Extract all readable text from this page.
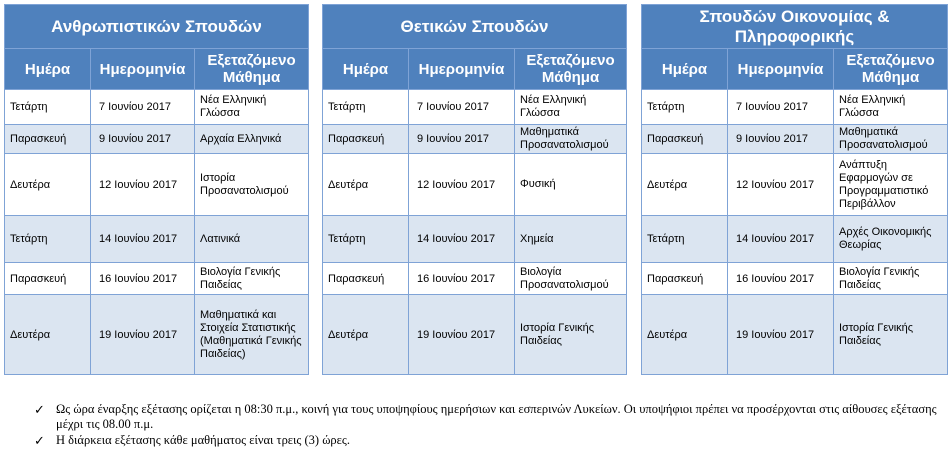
Ανθρωπιστικών Σπουδών		
Ημέρα	Ημερομηνία	Εξεταζόμενο Μάθημα
Τετάρτη	7 Ιουνίου 2017	Νέα Ελληνική Γλώσσα
Παρασκευή	9 Ιουνίου 2017	Αρχαία Ελληνικά
Δευτέρα	12 Ιουνίου 2017	Ιστορία Προσανατολισμού
Τετάρτη	14 Ιουνίου 2017	Λατινικά
Παρασκευή	16 Ιουνίου 2017	Βιολογία Γενικής Παιδείας
Δευτέρα	19 Ιουνίου 2017	Μαθηματικά και Στοιχεία Στατιστικής (Μαθηματικά Γενικής Παιδείας)
Θετικών Σπουδών		
Ημέρα	Ημερομηνία	Εξεταζόμενο Μάθημα
Τετάρτη	7 Ιουνίου 2017	Νέα Ελληνική Γλώσσα
Παρασκευή	9 Ιουνίου 2017	Μαθηματικά Προσανατολισμού
Δευτέρα	12 Ιουνίου 2017	Φυσική
Τετάρτη	14 Ιουνίου 2017	Χημεία
Παρασκευή	16 Ιουνίου 2017	Βιολογία Προσανατολισμού
Δευτέρα	19 Ιουνίου 2017	Ιστορία Γενικής Παιδείας
Σπουδών Οικονομίας & Πληροφορικής		
Ημέρα	Ημερομηνία	Εξεταζόμενο Μάθημα
Τετάρτη	7 Ιουνίου 2017	Νέα Ελληνική Γλώσσα
Παρασκευή	9 Ιουνίου 2017	Μαθηματικά Προσανατολισμού
Δευτέρα	12 Ιουνίου 2017	Ανάπτυξη Εφαρμογών σε Προγραμματιστικό Περιβάλλον
Τετάρτη	14 Ιουνίου 2017	Αρχές Οικονομικής Θεωρίας
Παρασκευή	16 Ιουνίου 2017	Βιολογία Γενικής Παιδείας
Δευτέρα	19 Ιουνίου 2017	Ιστορία Γενικής Παιδείας
✓ Ως ώρα έναρξης εξέτασης ορίζεται η 08:30 π.μ., κοινή για τους υποψηφίους ημερήσιων και εσπερινών Λυκείων. Οι υποψήφιοι πρέπει να προσέρχονται στις αίθουσες εξέτασης μέχρι τις 08.00 π.μ.
✓ Η διάρκεια εξέτασης κάθε μαθήματος είναι τρεις (3) ώρες.
